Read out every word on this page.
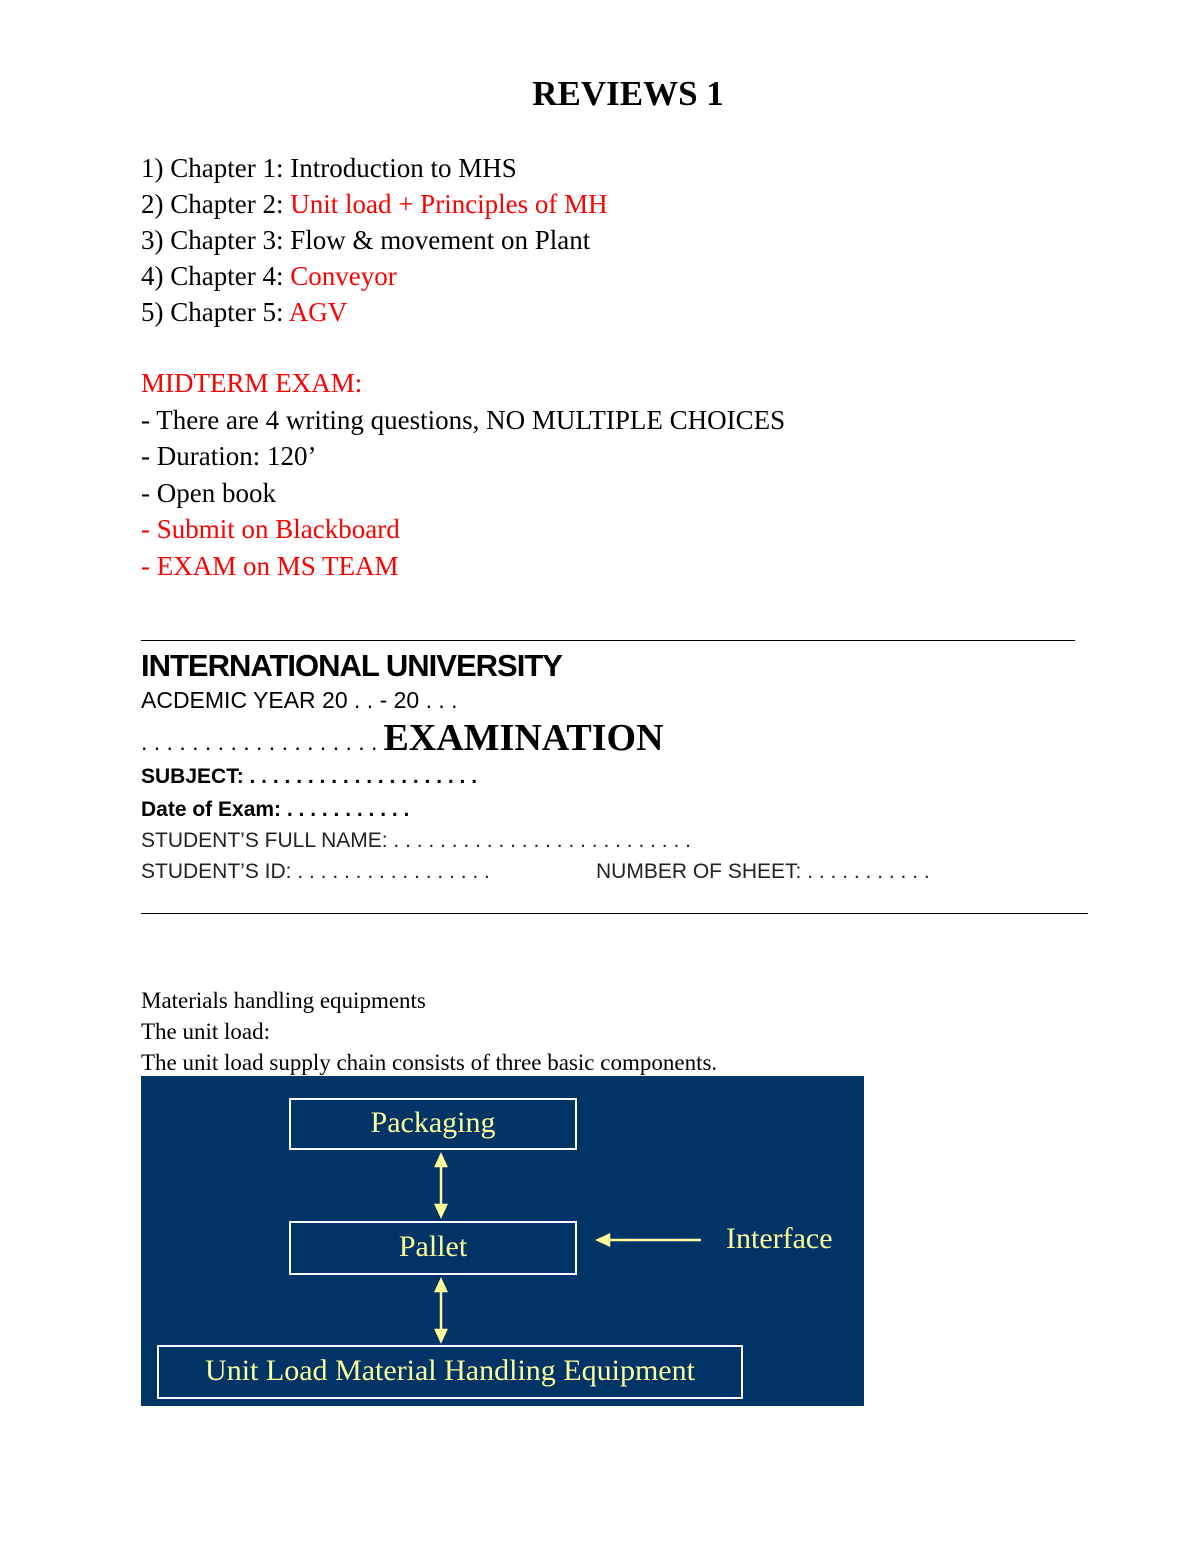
REVIEWS 1
1) Chapter 1: Introduction to MHS
2) Chapter 2: Unit load + Principles of MH
3) Chapter 3: Flow & movement on Plant
4) Chapter 4: Conveyor
5) Chapter 5: AGV
MIDTERM EXAM:
- There are 4 writing questions, NO MULTIPLE CHOICES
- Duration: 120’
- Open book
- Submit on Blackboard
- EXAM on MS TEAM
INTERNATIONAL UNIVERSITY
ACDEMIC YEAR 20 . . - 20 . . .
. . . . . . . . . . . . . . . . . . . EXAMINATION
SUBJECT: . . . . . . . . . . . . . . . . . . . .
Date of Exam: . . . . . . . . . . .
STUDENT’S FULL NAME: . . . . . . . . . . . . . . . . . . . . . . . . . .
STUDENT’S ID: . . . . . . . . . . . . . . . . .	NUMBER OF SHEET: . . . . . . . . . . .
Materials handling equipments
The unit load:
The unit load supply chain consists of three basic components.
Packaging
Pallet
Unit Load Material Handling Equipment
Interface
